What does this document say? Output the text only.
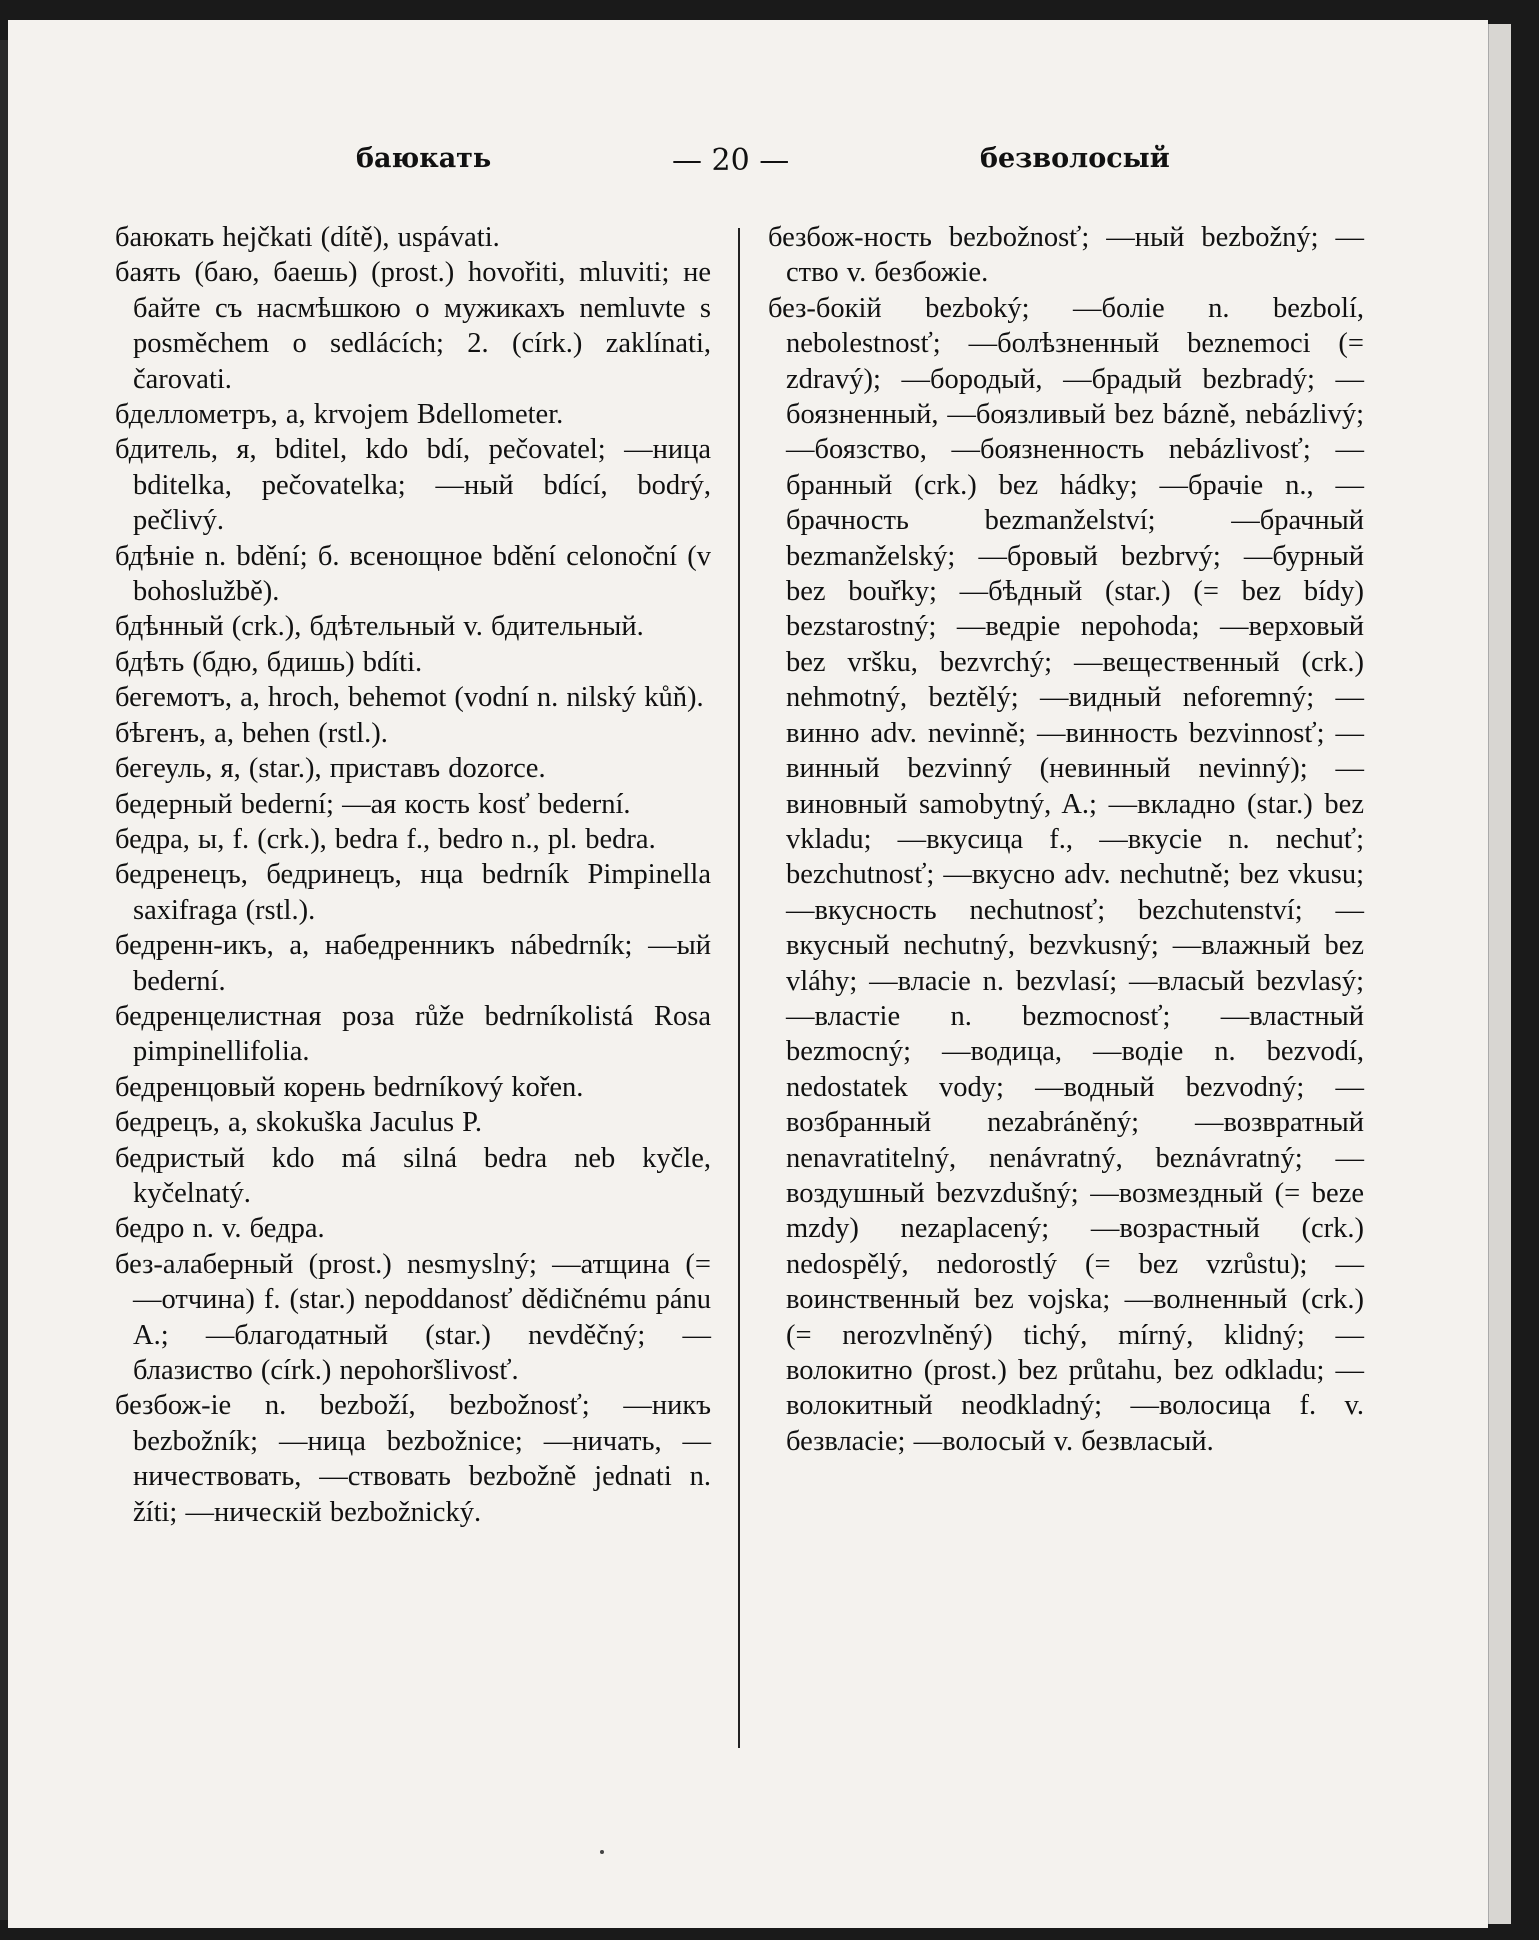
баюкать	— 20 —	безволосый

баюкать hejčkati (dítě), uspávati.

баять (баю, баешь) (prost.) hovořiti, mluviti; не байте съ насмѣшкою о мужикахъ nemluvte s posměchem o sedlácích; 2. (círk.) zaklínati, čarovati.

бделлометръ, а, krvojem Bdellometer.

бдитель, я, bditel, kdo bdí, pečovatel; —ница bditelka, pečovatelka; —ный bdící, bodrý, pečlivý.

бдѣніе n. bdění; б. всенощное bdění celonoční (v bohoslužbě).

бдѣнный (crk.), бдѣтельный v. бдительный.

бдѣть (бдю, бдишь) bdíti.

бегемотъ, а, hroch, behemot (vodní n. nilský kůň).

бѣгенъ, а, behen (rstl.).

бегеуль, я, (star.), приставъ dozorce.

бедерный bederní; —ая кость kosť bederní.

бедра, ы, f. (crk.), bedra f., bedro n., pl. bedra.

бедренецъ, бедринецъ, нца bedrník Pimpinella saxifraga (rstl.).

бедренн-икъ, а, набедренникъ nábedrník; —ый bederní.

бедренцелистная роза růže bedrníkolistá Rosa pimpinellifolia.

бедренцовый корень bedrníkový kořen.

бедрецъ, а, skokuška Jaculus P.

бедристый kdo má silná bedra neb kyčle, kyčelnatý.

бедро n. v. бедра.

без-алаберный (prost.) nesmyslný; —атщина (= —отчина) f. (star.) nepoddanosť dědičnému pánu A.; —благодатный (star.) nevděčný; —блазиство (círk.) nepohoršlivosť.

безбож-іе n. bezboží, bezbožnosť; —никъ bezbožník; —ница bezbožnice; —ничать, —ничествовать, —ствовать bezbožně jednati n. žíti; —ническій bezbožnický.

безбож-ность bezbožnosť; —ный bezbožný; —ство v. безбожіе.

без-бокій bezboký; —болie n. bezbolí, nebolestnosť; —болѣзненный beznemoci (= zdravý); —бородый, —брадый bezbradý; —боязненный, —боязливый bez bázně, nebázlivý; —боязство, —боязненность nebázlivosť; —бранный (crk.) bez hádky; —брачіе n., —брачность bezmanželství; —брачный bezmanželský; —бровый bezbrvý; —бурный bez bouřky; —бѣдный (star.) (= bez bídy) bezstarostný; —ведріе nepohoda; —верховый bez vršku, bezvrchý; —вещественный (crk.) nehmotný, beztělý; —видный neforemný; —винно adv. nevinně; —винность bezvinnosť; —винный bezvinný (невинный nevinný); —виновный samobytný, A.; —вкладно (star.) bez vkladu; —вкусица f., —вкусіе n. nechuť; bezchutnosť; —вкусно adv. nechutně; bez vkusu; —вкусность nechutnosť; bezchutenství; —вкусный nechutný, bezvkusný; —влажный bez vláhy; —власіе n. bezvlasí; —власый bezvlasý; —властіе n. bezmocnosť; —властный bezmocný; —водица, —водіе n. bezvodí, nedostatek vody; —водный bezvodný; —возбранный nezabráněný; —возвратный nenavratitelný, nenávratný, beznávratný; —воздушный bezvzdušný; —возмездный (= beze mzdy) nezaplacený; —возрастный (crk.) nedospělý, nedorostlý (= bez vzrůstu); —воинственный bez vojska; —волненный (crk.) (= nerozvlněný) tichý, mírný, klidný; —волокитно (prost.) bez průtahu, bez odkladu; —волокитный neodkladný; —волосица f. v. безвласіе; —волосый v. безвласый.
